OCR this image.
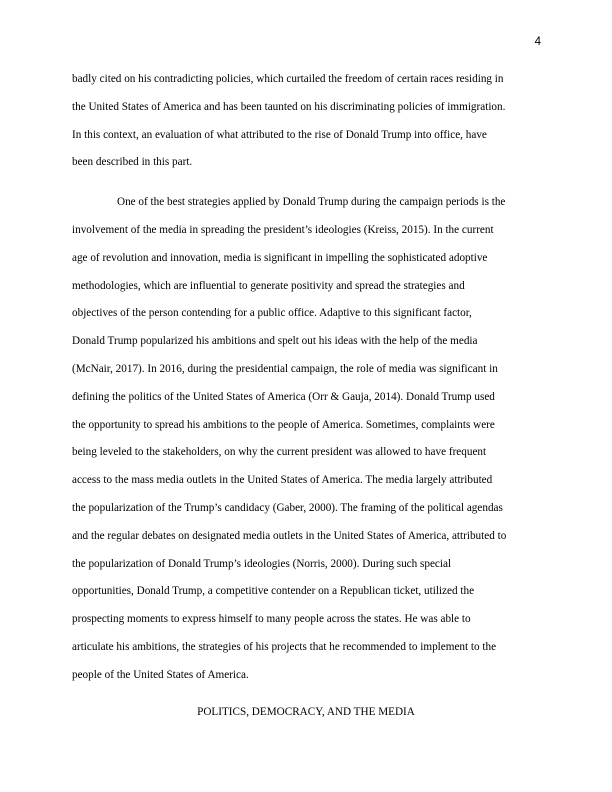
4
badly cited on his contradicting policies, which curtailed the freedom of certain races residing in
the United States of America and has been taunted on his discriminating policies of immigration.
In this context, an evaluation of what attributed to the rise of Donald Trump into office, have
been described in this part.
One of the best strategies applied by Donald Trump during the campaign periods is the
involvement of the media in spreading the president’s ideologies (Kreiss, 2015). In the current
age of revolution and innovation, media is significant in impelling the sophisticated adoptive
methodologies, which are influential to generate positivity and spread the strategies and
objectives of the person contending for a public office. Adaptive to this significant factor,
Donald Trump popularized his ambitions and spelt out his ideas with the help of the media
(McNair, 2017). In 2016, during the presidential campaign, the role of media was significant in
defining the politics of the United States of America (Orr & Gauja, 2014). Donald Trump used
the opportunity to spread his ambitions to the people of America. Sometimes, complaints were
being leveled to the stakeholders, on why the current president was allowed to have frequent
access to the mass media outlets in the United States of America. The media largely attributed
the popularization of the Trump’s candidacy (Gaber, 2000). The framing of the political agendas
and the regular debates on designated media outlets in the United States of America, attributed to
the popularization of Donald Trump’s ideologies (Norris, 2000). During such special
opportunities, Donald Trump, a competitive contender on a Republican ticket, utilized the
prospecting moments to express himself to many people across the states. He was able to
articulate his ambitions, the strategies of his projects that he recommended to implement to the
people of the United States of America.
POLITICS, DEMOCRACY, AND THE MEDIA
